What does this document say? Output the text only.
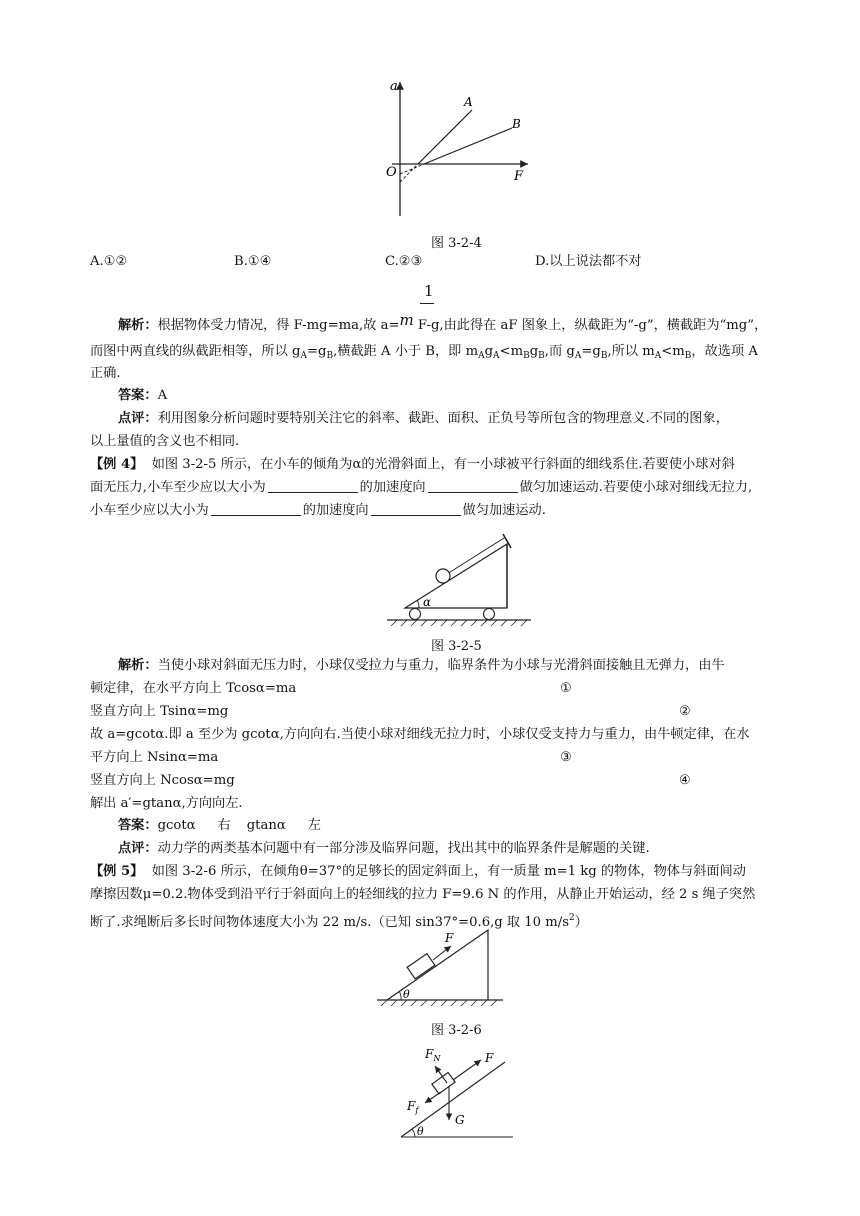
a
F
O
A
B
图 3-2-4
A.①②	B.①④	C.②③	D.以上说法都不对
1
解析：根据物体受力情况，得 F-mg=ma,故 a=m F-g,由此得在 aF 图象上，纵截距为“-g”，横截距为“mg”，
而图中两直线的纵截距相等，所以 $g_A=g_B$,横截距 A 小于 B，即 $m_Ag_A<m_Bg_B$,而 $g_A=g_B$,所以 $m_A<m_B$，故选项 A
正确.
答案：A
点评：利用图象分析问题时要特别关注它的斜率、截距、面积、正负号等所包含的物理意义.不同的图象，
以上量值的含义也不相同.
【例 4】 如图 3-2-5 所示，在小车的倾角为α的光滑斜面上，有一小球被平行斜面的细线系住.若要使小球对斜
面无压力,小车至少应以大小为	的加速度向	做匀加速运动.若要使小球对细线无拉力,
小车至少应以大小为	的加速度向	做匀加速运动.
α
图 3-2-5
解析：当使小球对斜面无压力时，小球仅受拉力与重力，临界条件为小球与光滑斜面接触且无弹力，由牛
顿定律，在水平方向上 Tcosα=ma	①
竖直方向上 Tsinα=mg	②
故 a=gcotα.即 a 至少为 gcotα,方向向右.当使小球对细线无拉力时，小球仅受支持力与重力，由牛顿定律，在水
平方向上 Nsinα=ma	③
竖直方向上 Ncosα=mg	④
解出 a′=gtanα,方向向左.
答案：gcotα 右 gtanα 左
点评：动力学的两类基本问题中有一部分涉及临界问题，找出其中的临界条件是解题的关键.
【例 5】 如图 3-2-6 所示，在倾角θ=37°的足够长的固定斜面上，有一质量 m=1 kg 的物体，物体与斜面间动
摩擦因数μ=0.2.物体受到沿平行于斜面向上的轻细线的拉力 F=9.6 N 的作用，从静止开始运动，经 2 s 绳子突然
断了.求绳断后多长时间物体速度大小为 22 m/s.（已知 sin37°=0.6,g 取 10 $m/s^2$）
F
θ
图 3-2-6
$F_N$	F
$F_f$
G
θ
